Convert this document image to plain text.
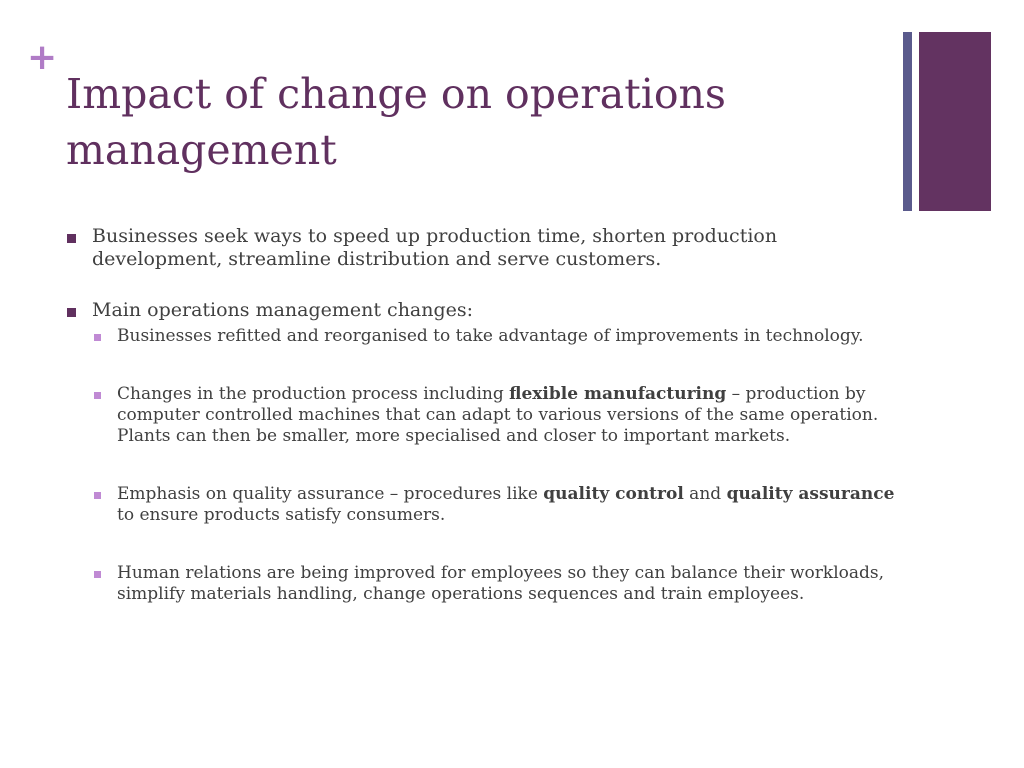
+
Impact of change on operations management
Businesses seek ways to speed up production time, shorten production development, streamline distribution and serve customers.
Main operations management changes:
Businesses refitted and reorganised to take advantage of improvements in technology.
Changes in the production process including flexible manufacturing – production by computer controlled machines that can adapt to various versions of the same operation. Plants can then be smaller, more specialised and closer to important markets.
Emphasis on quality assurance – procedures like quality control and quality assurance to ensure products satisfy consumers.
Human relations are being improved for employees so they can balance their workloads, simplify materials handling, change operations sequences and train employees.
